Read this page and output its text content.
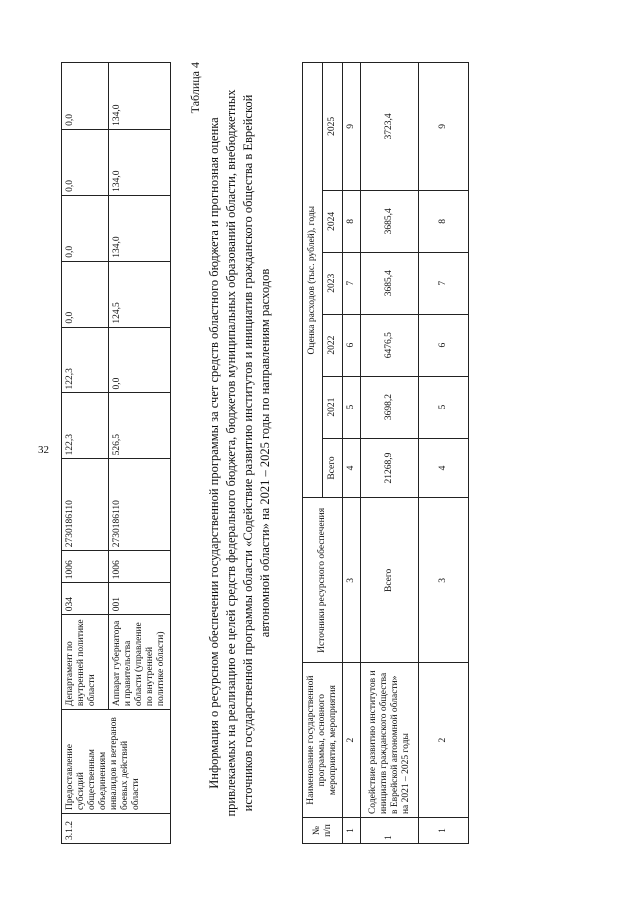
32
3.1.2	Предоставление субсидий общественным объединениям инвалидов и ветеранов боевых действий области	Департамент по внутренней политике области	034	1006	2730186110	122,3	122,3	0,0	0,0	0,0	0,0
		Аппарат губернатора и правительства области (управление по внутренней политике области)	001	1006	2730186110	526,5	0,0	124,5	134,0	134,0	134,0
Таблица 4
Информация о ресурсном обеспечении государственной программы за счет средств областного бюджета и прогнозная оценка привлекаемых на реализацию ее целей средств федерального бюджета, бюджетов муниципальных образований области, внебюджетных источников государственной программы области «Содействие развитию институтов и инициатив гражданского общества в Еврейской автономной области» на 2021 – 2025 годы по направлениям расходов
№ п/п	Наименование государственной программы, основного мероприятия, мероприятия	Источники ресурсного обеспечения	Оценка расходов (тыс. рублей), годы					
			Всего	2021	2022	2023	2024	2025
1	2	3	4	5	6	7	8	9
1	Содействие развитию институтов и инициатив гражданского общества в Еврейской автономной области» на 2021 – 2025 годы	Всего	21268,9	3698,2	6476,5	3685,4	3685,4	3723,4
1	2	3	4	5	6	7	8	9
